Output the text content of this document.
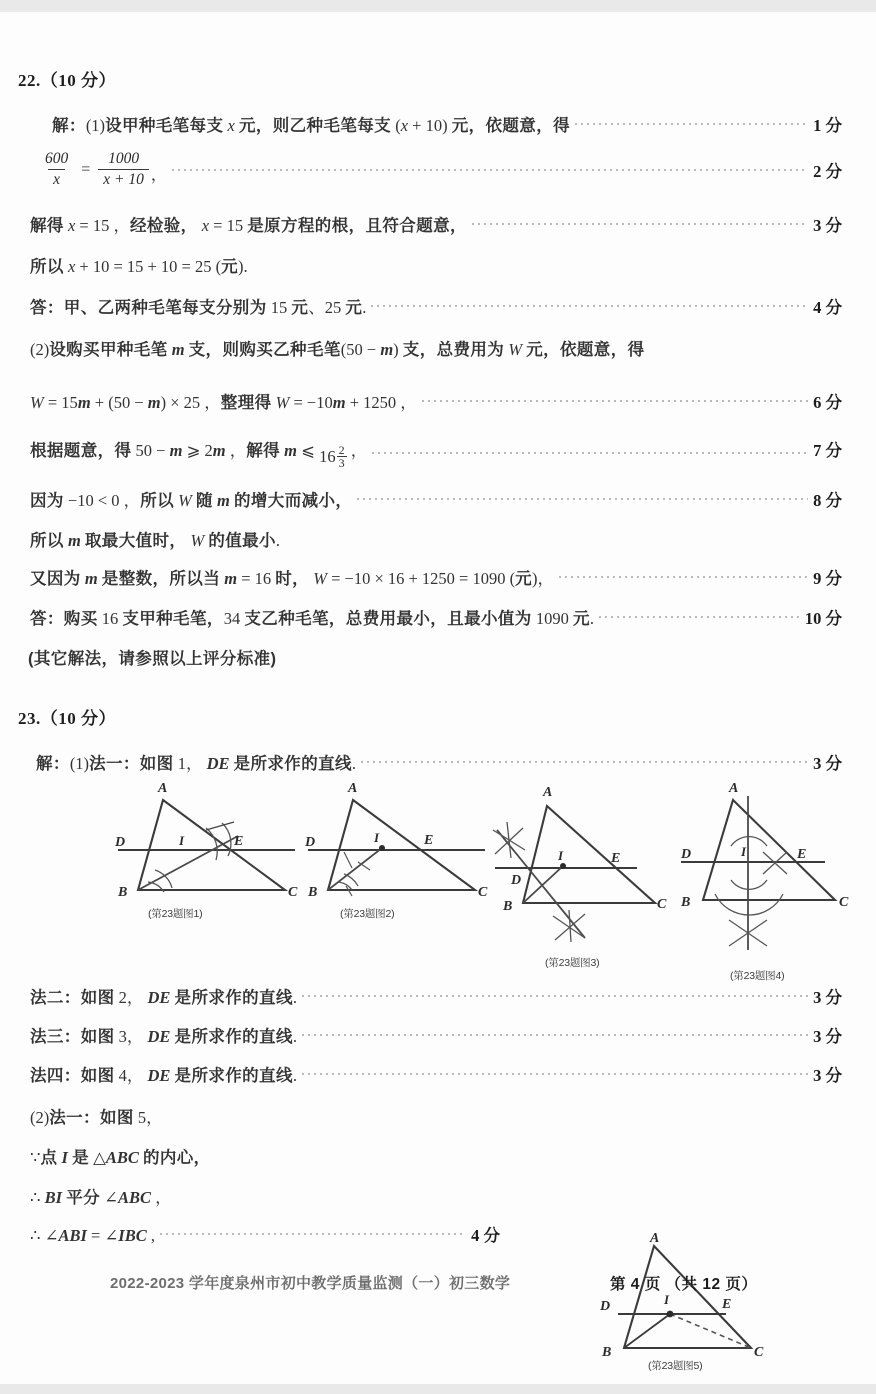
22.（10 分）
解：(1)设甲种毛笔每支 x 元，则乙种毛笔每支 (x + 10) 元，依题意，得	1 分
$\frac{600}{x} = \frac{1000}{x + 10}$ ，	2 分
解得 x = 15 ，经检验， x = 15 是原方程的根，且符合题意，	3 分
所以 x + 10 = 15 + 10 = 25 (元).
答：甲、乙两种毛笔每支分别为 15 元、25 元.	4 分
(2)设购买甲种毛笔 m 支，则购买乙种毛笔(50 − m) 支，总费用为 W 元，依题意，得
W = 15m + (50 − m) × 25 ，整理得 W = −10m + 1250 ，	6 分
根据题意，得 50 − m ⩾ 2m ，解得 m ⩽ $16 \frac{2}{3}$ ，	7 分
因为 −10 < 0 ，所以 W 随 m 的增大而减小，	8 分
所以 m 取最大值时， W 的值最小.
又因为 m 是整数，所以当 m = 16 时， W = −10 × 16 + 1250 = 1090 (元)，	9 分
答：购买 16 支甲种毛笔，34 支乙种毛笔，总费用最小，且最小值为 1090 元.	10 分
(其它解法，请参照以上评分标准)
23.（10 分）
解：(1)法一：如图 1， DE 是所求作的直线.	3 分
A
D	I	E
B	C
(第23题图1)
A
D	I	E
B	C
(第23题图2)
A
D
I	E
B	C
(第23题图3)
A
D	I	E
B	C
(第23题图4)
法二：如图 2， DE 是所求作的直线.	3 分
法三：如图 3， DE 是所求作的直线.	3 分
法四：如图 4， DE 是所求作的直线.	3 分
(2)法一：如图 5，
∵点 I 是 △ABC 的内心，
∴ BI 平分 ∠ABC ，
∴ ∠ABI = ∠IBC ,	4 分	A
D	I	E
B	C
(第23题图5)
2022-2023 学年度泉州市初中教学质量监测（一）初三数学	第 4 页 （共 12 页）
